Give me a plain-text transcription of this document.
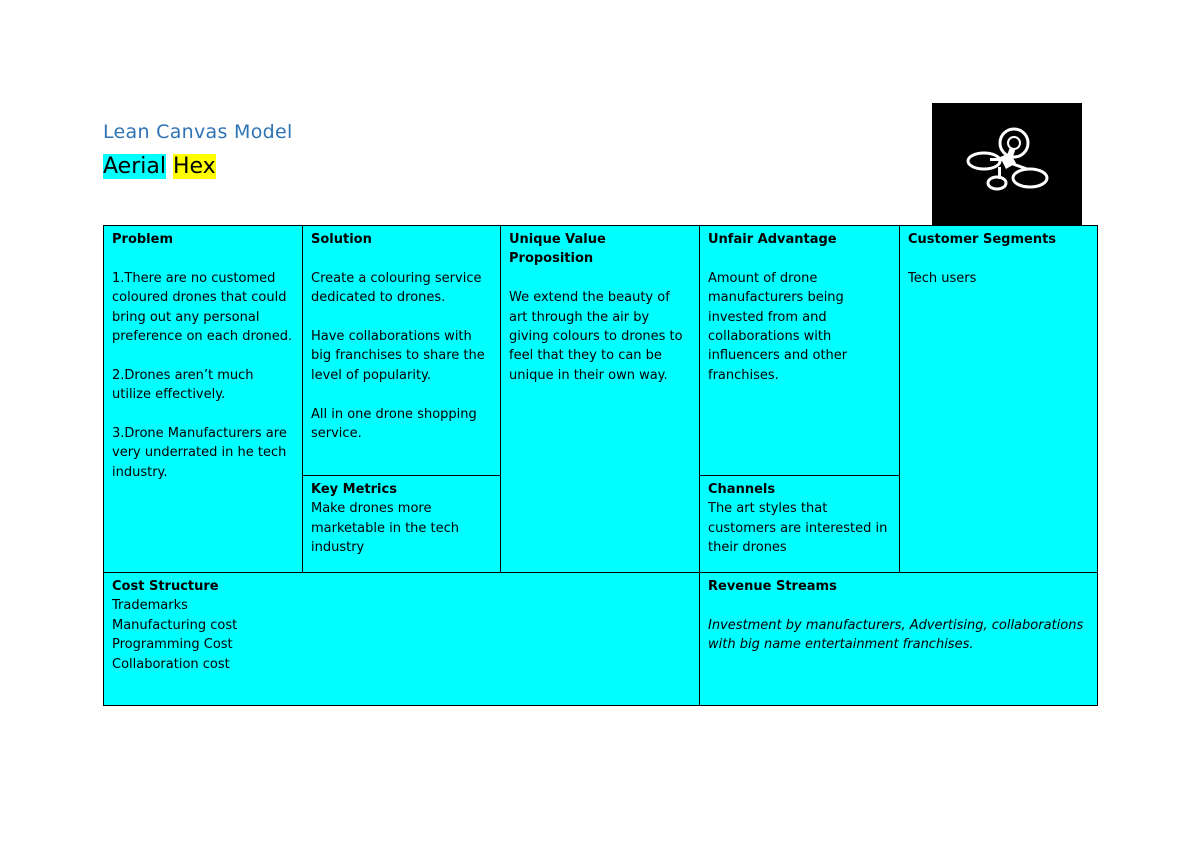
Lean Canvas Model
Aerial Hex
Problem
1.There are no customed coloured drones that could bring out any personal preference on each droned.
2.Drones aren’t much utilize effectively.
3.Drone Manufacturers are very underrated in he tech industry.
Solution
Create a colouring service dedicated to drones.
Have collaborations with big franchises to share the level of popularity.
All in one drone shopping service.
Key Metrics
Make drones more marketable in the tech industry
Unique Value Proposition
We extend the beauty of art through the air by giving colours to drones to feel that they to can be unique in their own way.
Unfair Advantage
Amount of drone manufacturers being invested from and collaborations with influencers and other franchises.
Channels
The art styles that customers are interested in their drones
Customer Segments
Tech users
Cost Structure
Trademarks
Manufacturing cost
Programming Cost
Collaboration cost
Revenue Streams
Investment by manufacturers, Advertising, collaborations with big name entertainment franchises.
